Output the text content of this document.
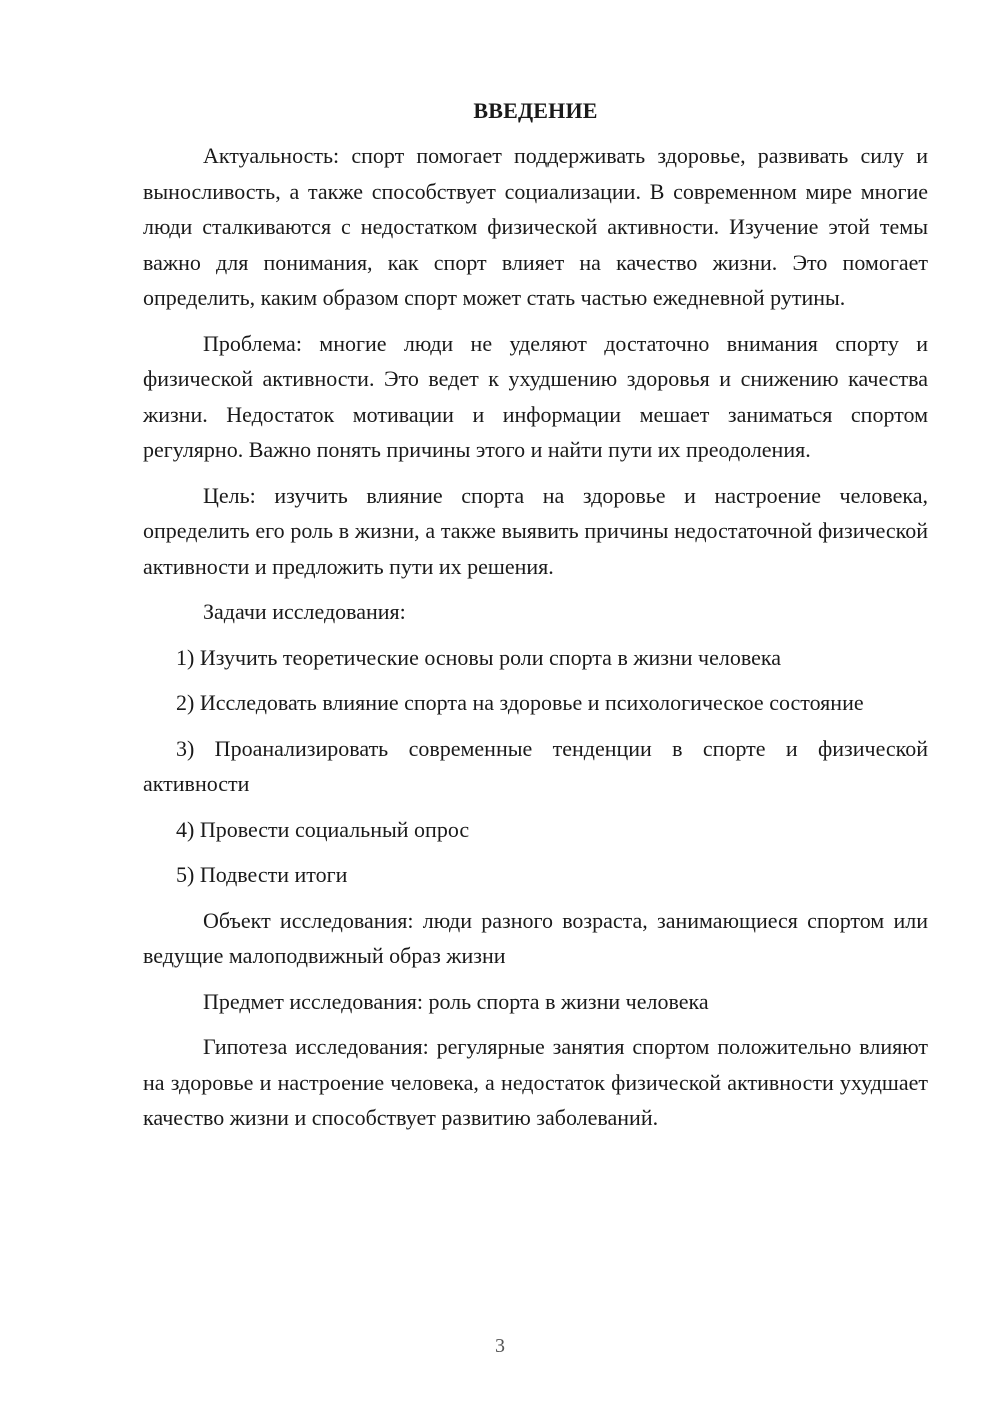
ВВЕДЕНИЕ

Актуальность: спорт помогает поддерживать здоровье, развивать силу и выносливость, а также способствует социализации. В современном мире многие люди сталкиваются с недостатком физической активности. Изучение этой темы важно для понимания, как спорт влияет на качество жизни. Это помогает определить, каким образом спорт может стать частью ежедневной рутины.

Проблема: многие люди не уделяют достаточно внимания спорту и физической активности. Это ведет к ухудшению здоровья и снижению качества жизни. Недостаток мотивации и информации мешает заниматься спортом регулярно. Важно понять причины этого и найти пути их преодоления.

Цель: изучить влияние спорта на здоровье и настроение человека, определить его роль в жизни, а также выявить причины недостаточной физической активности и предложить пути их решения.

Задачи исследования:

1) Изучить теоретические основы роли спорта в жизни человека

2) Исследовать влияние спорта на здоровье и психологическое состояние

3) Проанализировать современные тенденции в спорте и физической активности

4) Провести социальный опрос

5) Подвести итоги

Объект исследования: люди разного возраста, занимающиеся спортом или ведущие малоподвижный образ жизни

Предмет исследования: роль спорта в жизни человека

Гипотеза исследования: регулярные занятия спортом положительно влияют на здоровье и настроение человека, а недостаток физической активности ухудшает качество жизни и способствует развитию заболеваний.

3
